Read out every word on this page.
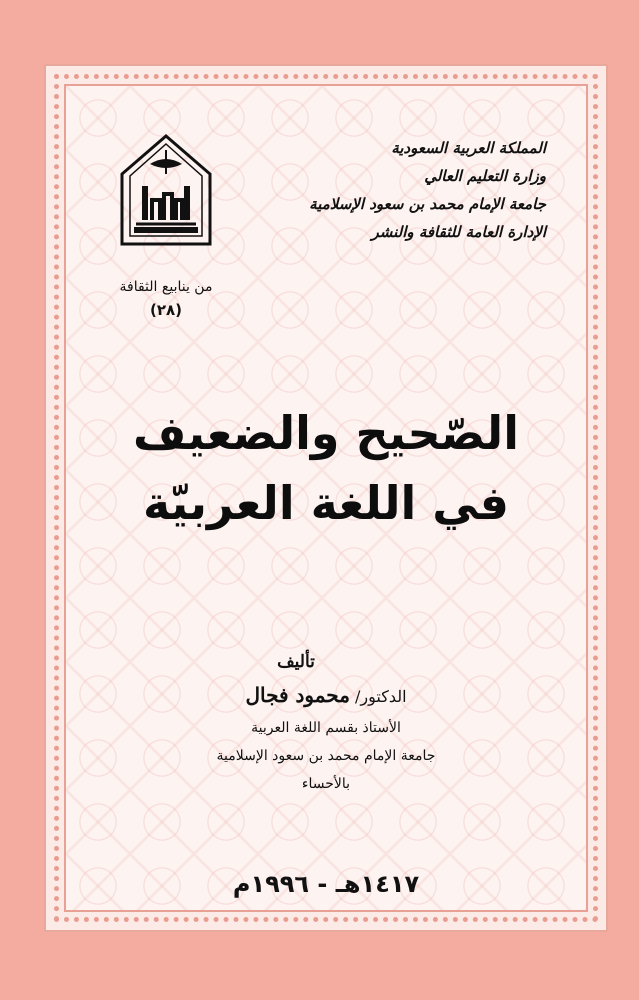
المملكة العربية السعودية
وزارة التعليم العالي
جامعة الإمام محمد بن سعود الإسلامية
الإدارة العامة للثقافة والنشر
من ينابيع الثقافة
(٢٨)
الصّحيح والضعيف
في اللغة العربيّة
تأليف
الدكتور/ محمود فجال
الأستاذ بقسم اللغة العربية
جامعة الإمام محمد بن سعود الإسلامية
بالأحساء
١٤١٧هـ - ١٩٩٦م
